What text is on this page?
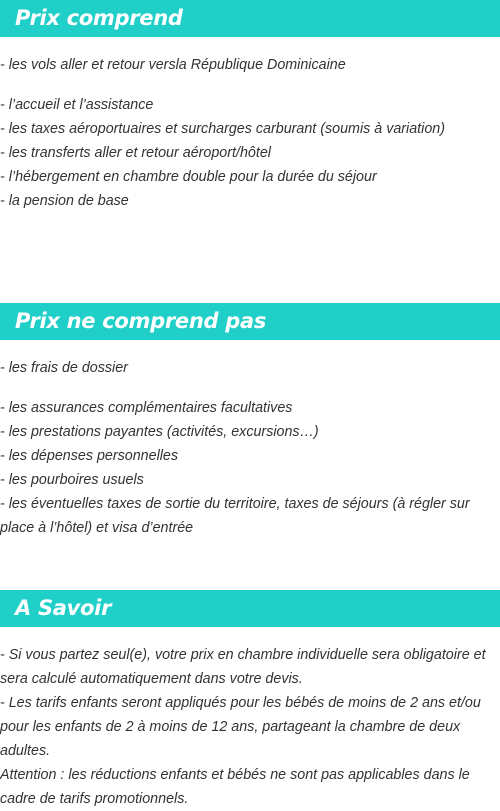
Prix comprend
- les vols aller et retour versla République Dominicaine
- l’accueil et l’assistance
- les taxes aéroportuaires et surcharges carburant (soumis à variation)
- les transferts aller et retour aéroport/hôtel
- l’hébergement en chambre double pour la durée du séjour
- la pension de base
Prix ne comprend pas
- les frais de dossier
- les assurances complémentaires facultatives
- les prestations payantes (activités, excursions…)
- les dépenses personnelles
- les pourboires usuels
- les éventuelles taxes de sortie du territoire, taxes de séjours (à régler sur place à l’hôtel) et visa d’entrée
A Savoir
- Si vous partez seul(e), votre prix en chambre individuelle sera obligatoire et sera calculé automatiquement dans votre devis.
- Les tarifs enfants seront appliqués pour les bébés de moins de 2 ans et/ou pour les enfants de 2 à moins de 12 ans, partageant la chambre de deux adultes.
Attention : les réductions enfants et bébés ne sont pas applicables dans le cadre de tarifs promotionnels.
